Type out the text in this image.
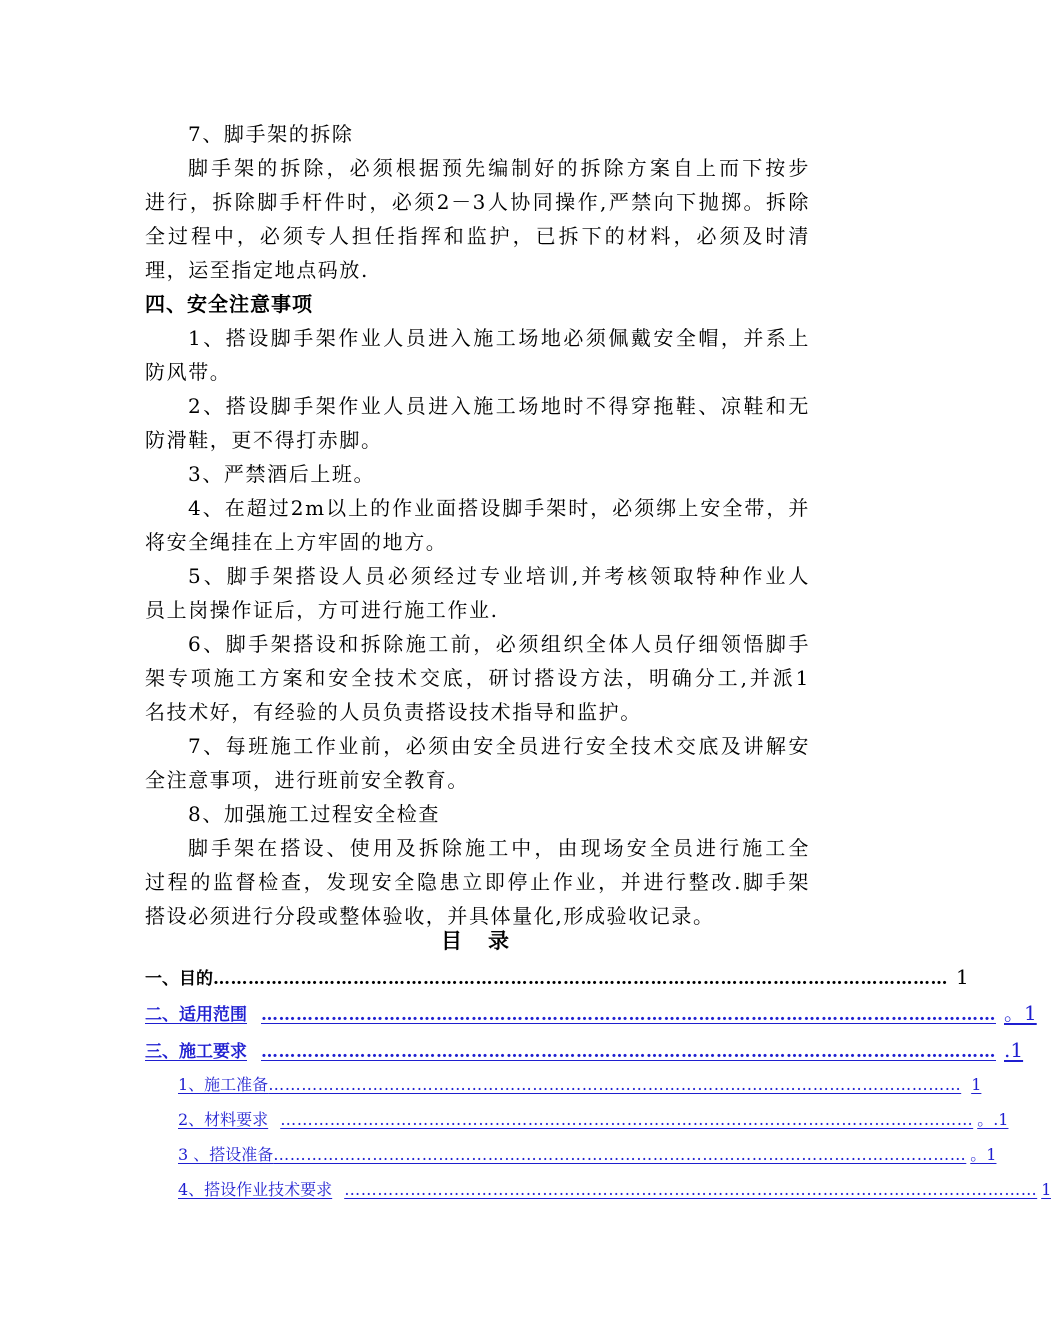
7、脚手架的拆除
脚手架的拆除，必须根据预先编制好的拆除方案自上而下按步
进行，拆除脚手杆件时，必须2－3人协同操作,严禁向下抛掷。拆除
全过程中，必须专人担任指挥和监护，已拆下的材料，必须及时清
理，运至指定地点码放.
四、安全注意事项
1、搭设脚手架作业人员进入施工场地必须佩戴安全帽，并系上
防风带。
2、搭设脚手架作业人员进入施工场地时不得穿拖鞋、凉鞋和无
防滑鞋，更不得打赤脚。
3、严禁酒后上班。
4、在超过2m以上的作业面搭设脚手架时，必须绑上安全带，并
将安全绳挂在上方牢固的地方。
5、脚手架搭设人员必须经过专业培训,并考核领取特种作业人
员上岗操作证后，方可进行施工作业.
6、脚手架搭设和拆除施工前，必须组织全体人员仔细领悟脚手
架专项施工方案和安全技术交底，研讨搭设方法，明确分工,并派1
名技术好，有经验的人员负责搭设技术指导和监护。
7、每班施工作业前，必须由安全员进行安全技术交底及讲解安
全注意事项，进行班前安全教育。
8、加强施工过程安全检查
脚手架在搭设、使用及拆除施工中，由现场安全员进行施工全
过程的监督检查，发现安全隐患立即停止作业，并进行整改.脚手架
搭设必须进行分段或整体验收，并具体量化,形成验收记录。
目录
一、目的 ……………………………………………………………………………………………………………… 1
二、适用范围 ……………………………………………………………………………………………………………… 。1
三、施工要求 ……………………………………………………………………………………………………………… .1
1、施工准备 ……………………………………………………………………………………………………………… 1
2、材料要求 ……………………………………………………………………………………………………………… 。.1
3 、搭设准备 ……………………………………………………………………………………………………………… 。1
4、搭设作业技术要求 ……………………………………………………………………………………………………………… 1
